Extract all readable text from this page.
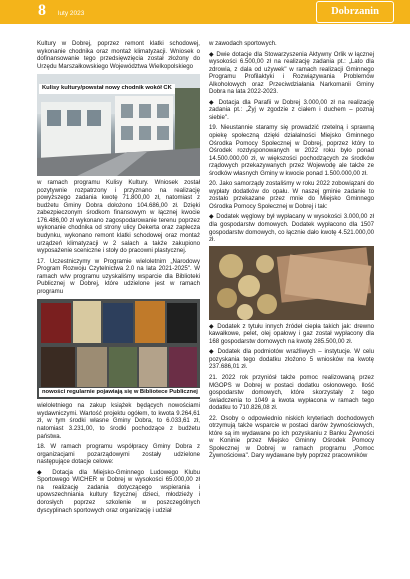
8 luty 2023	Dobrzanin

Kultury w Dobrej, poprzez remont klatki schodowej, wykonanie chodnika oraz montaż klimatyzacji. Wniosek o dofinansowanie tego przedsięwzięcia został złożony do Urzędu Marszałkowskiego Województwa Wielkopolskiego

Kulisy kultury/powstał nowy chodnik wokół CK

w ramach programu Kulisy Kultury. Wniosek został pozytywnie rozpatrzony i przyznano na realizację powyższego zadania kwotę 71.800,00 zł, natomiast z budżetu Gminy Dobra dołożono 104.686,00 zł. Dzięki zabezpieczonym środkom finansowym w łącznej kwocie 176.486,00 zł wykonano zagospodarowanie terenu poprzez wykonanie chodnika od strony ulicy Dekerta oraz zaplecza budynku, wykonano remont klatki schodowej oraz montaż urządzeń klimatyzacji w 2 salach a także zakupiono wyposażenie sceniczne i stoły do pracowni plastycznej.

17. Uczestniczymy w Programie wieloletnim „Narodowy Program Rozwoju Czytelnictwa 2.0 na lata 2021-2025". W ramach w/w programu uzyskaliśmy wsparcie dla Biblioteki Publicznej w Dobrej, które udzielone jest w ramach programu

nowości regularnie pojawiają się w Bibliotece Publicznej

wieloletniego na zakup książek będących nowościami wydawniczymi. Wartość projektu ogółem, to kwota 9.264,61 zł, w tym środki własne Gminy Dobra, to 6.033,61 zł, natomiast 3.231,00, to środki pochodzące z budżetu państwa.

18. W ramach programu współpracy Gminy Dobra z organizacjami pozarządowymi zostały udzielone następujące dotacje celowe:

◆ Dotacja dla Miejsko-Gminnego Ludowego Klubu Sportowego WICHER w Dobrej w wysokości 65.000,00 zł na realizację zadania dotyczącego wspierania i upowszechniania kultury fizycznej dzieci, młodzieży i dorosłych poprzez szkolenie w poszczególnych dyscyplinach sportowych oraz organizację i udział

w zawodach sportowych.

◆ Dwie dotacje dla Stowarzyszenia Aktywny Orlik w łącznej wysokości 6.500,00 zł na realizację zadania pt.: „Lato dla zdrowia, z dala od używek" w ramach realizacji Gminnego Programu Profilaktyki i Rozwiązywania Problemów Alkoholowych oraz Przeciwdziałania Narkomanii Gminy Dobra na lata 2022-2023.

◆ Dotacja dla Parafii w Dobrej 3.000,00 zł na realizację zadania pt.: „Żyj w zgodzie z ciałem i duchem – poznaj siebie".

19. Nieustannie staramy się prowadzić rzetelną i sprawną opiekę społeczną dzięki działalności Miejsko Gminnego Ośrodka Pomocy Społecznej w Dobrej, poprzez który to Ośrodek rozdysponowanych w 2022 roku było ponad 14.500.000,00 zł, w większości pochodzących ze środków rządowych przekazywanych przez Wojewodę ale także ze środków własnych Gminy w kwocie ponad 1.500.000,00 zł.

20. Jako samorządy zostaliśmy w roku 2022 zobowiązani do wypłaty dodatków do opału. W naszej gminie zadanie to zostało przekazane przez mnie do Miejsko Gminnego Ośrodka Pomocy Społecznej w Dobrej i tak:

◆ Dodatek węglowy był wypłacany w wysokości 3.000,00 zł dla gospodarstw domowych. Dodatek wypłacono dla 1507 gospodarstw domowych, co łącznie dało kwotę 4.521.000,00 zł.

◆ Dodatek z tytułu innych źródeł ciepła takich jak: drewno kawałkowe, pelet, olej opałowy i gaz został wypłacony dla 168 gospodarstw domowych na kwotę 285.500,00 zł.

◆ Dodatek dla podmiotów wrażliwych – instytucje. W celu pozyskania tego dodatku złożono 5 wniosków na kwotę 237.686,01 zł.

21. 2022 rok przyniósł także pomoc realizowaną przez MGOPS w Dobrej w postaci dodatku osłonowego. Ilość gospodarstw domowych, które skorzystały z tego świadczenia to 1049 a kwota wypłacona w ramach tego dodatku to 710.826,08 zł.

22. Osoby o odpowiednio niskich kryteriach dochodowych otrzymują także wsparcie w postaci darów żywnościowych, które są im wydawane po ich pozyskaniu z Banku Żywności w Koninie przez Miejsko Gminny Ośrodek Pomocy Społecznej w Dobrej w ramach programu „Pomoc Żywnościowa". Dary wydawane były poprzez pracowników
